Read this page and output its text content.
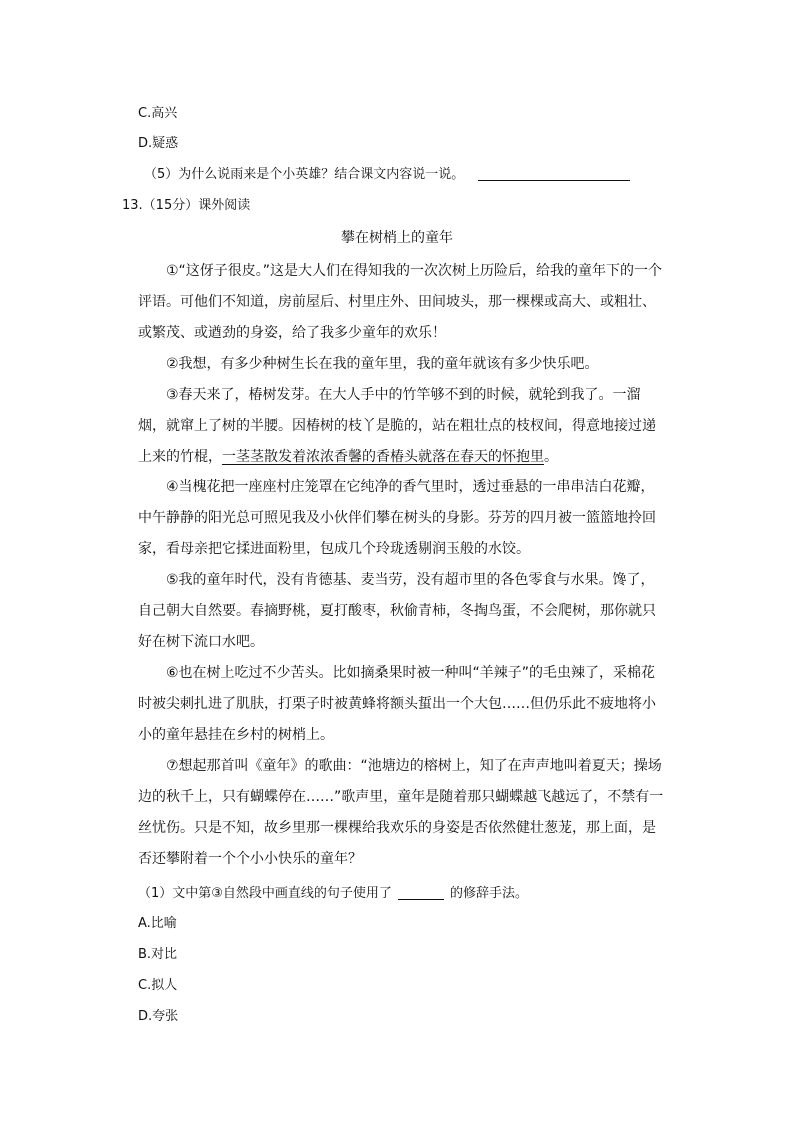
C.高兴
D.疑惑
（5）为什么说雨来是个小英雄？结合课文内容说一说。
13.（15分）课外阅读
攀在树梢上的童年
①“这伢子很皮。”这是大人们在得知我的一次次树上历险后，给我的童年下的一个评语。可他们不知道，房前屋后、村里庄外、田间坡头，那一棵棵或高大、或粗壮、或繁茂、或遒劲的身姿，给了我多少童年的欢乐！
②我想，有多少种树生长在我的童年里，我的童年就该有多少快乐吧。
③春天来了，椿树发芽。在大人手中的竹竿够不到的时候，就轮到我了。一溜烟，就窜上了树的半腰。因椿树的枝丫是脆的，站在粗壮点的枝杈间，得意地接过递上来的竹棍，一茎茎散发着浓浓香馨的香椿头就落在春天的怀抱里。
④当槐花把一座座村庄笼罩在它纯净的香气里时，透过垂悬的一串串洁白花瓣，中午静静的阳光总可照见我及小伙伴们攀在树头的身影。芬芳的四月被一篮篮地拎回家，看母亲把它揉进面粉里，包成几个玲珑透剔润玉般的水饺。
⑤我的童年时代，没有肯德基、麦当劳，没有超市里的各色零食与水果。馋了，自己朝大自然要。春摘野桃，夏打酸枣，秋偷青柿，冬掏鸟蛋，不会爬树，那你就只好在树下流口水吧。
⑥也在树上吃过不少苦头。比如摘桑果时被一种叫“羊辣子”的毛虫辣了，采棉花时被尖刺扎进了肌肤，打栗子时被黄蜂将额头蜇出一个大包……但仍乐此不疲地将小小的童年悬挂在乡村的树梢上。
⑦想起那首叫《童年》的歌曲：“池塘边的榕树上，知了在声声地叫着夏天；操场边的秋千上，只有蝴蝶停在……”歌声里，童年是随着那只蝴蝶越飞越远了，不禁有一丝忧伤。只是不知，故乡里那一棵棵给我欢乐的身姿是否依然健壮葱茏，那上面，是否还攀附着一个个小小快乐的童年？
（1）文中第③自然段中画直线的句子使用了	的修辞手法。
A.比喻
B.对比
C.拟人
D.夸张
